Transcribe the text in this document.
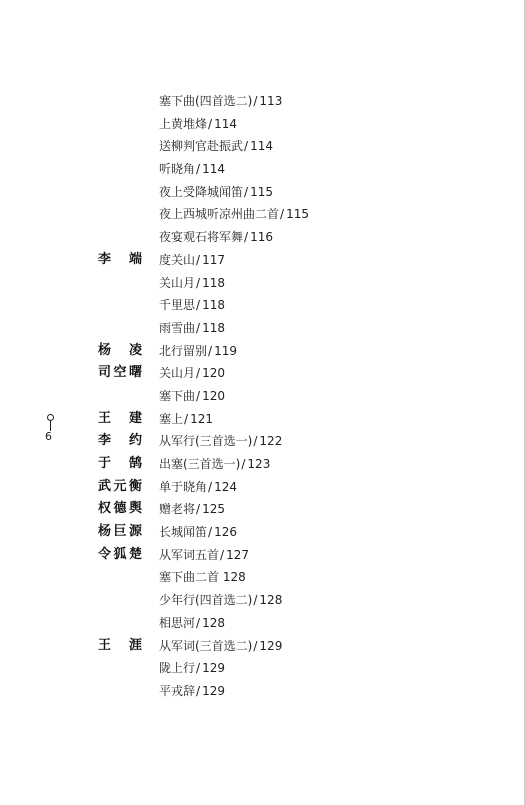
塞下曲(四首选二)/ 113
上黄堆烽/ 114
送柳判官赴振武/ 114
听晓角/ 114
夜上受降城闻笛/ 115
夜上西城听凉州曲二首/ 115
夜宴观石将军舞/ 116
李端 度关山/ 117
关山月/ 118
千里思/ 118
雨雪曲/ 118
杨凌 北行留别/ 119
司空曙 关山月/ 120
塞下曲/ 120
王建 塞上/ 121
李约 从军行(三首选一)/ 122
于鹄 出塞(三首选一)/ 123
武元衡 单于晓角/ 124
权德舆 赠老将/ 125
杨巨源 长城闻笛/ 126
令狐楚 从军词五首/ 127
塞下曲二首 128
少年行(四首选二)/ 128
相思河/ 128
王涯 从军词(三首选二)/ 129
陇上行/ 129
平戎辞/ 129
6
